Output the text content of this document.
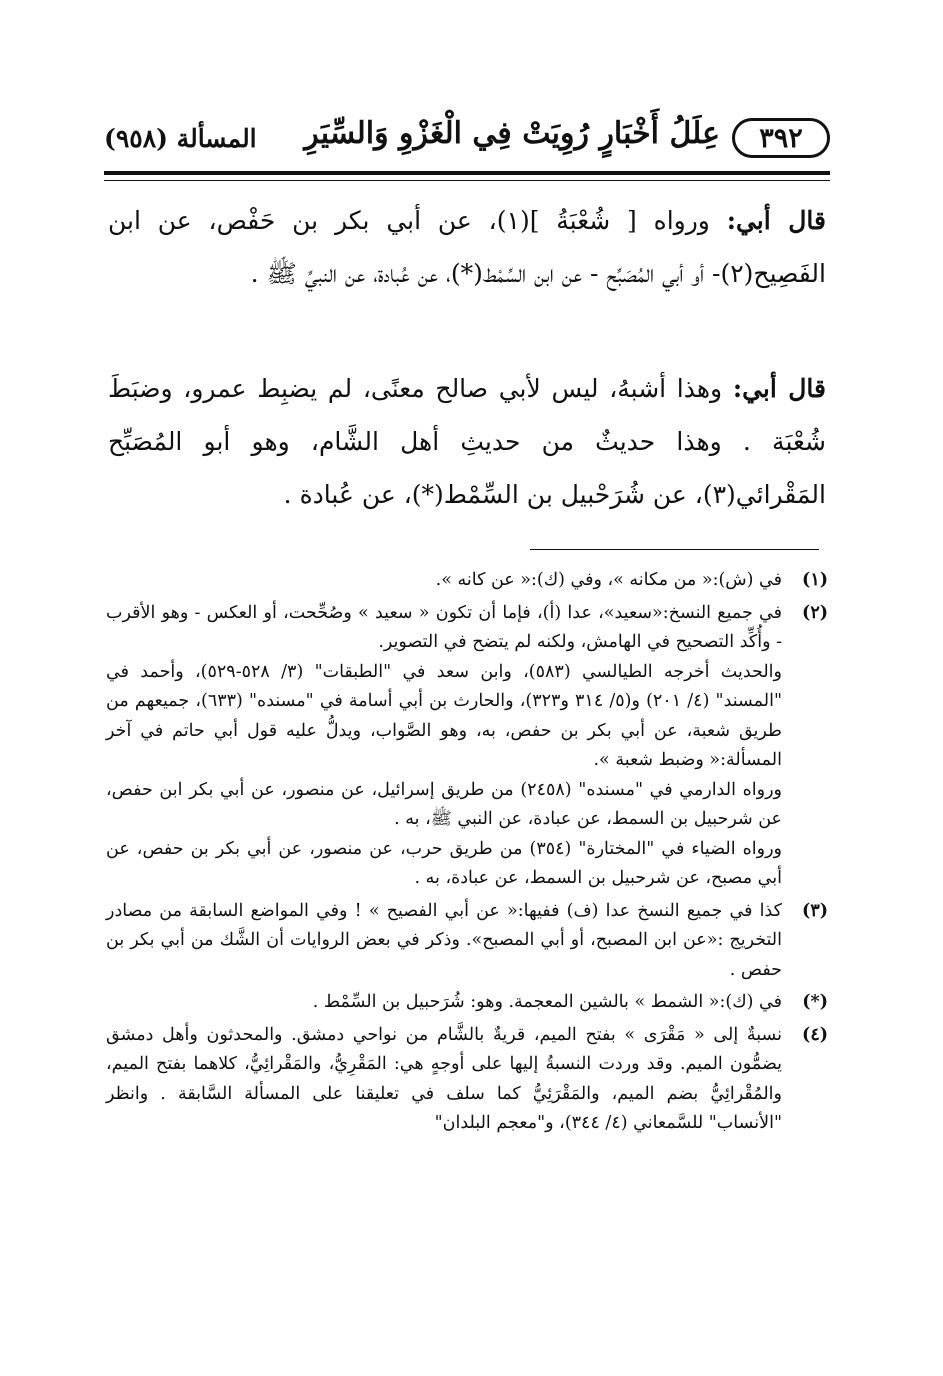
٣٩٢
عِلَلُ أَخْبَارٍ رُوِيَتْ فِي الْغَزْوِ وَالسِّيَرِ
المسألة (٩٥٨)
قال أبي: ورواه [ شُعْبَةُ ](١)، عن أبي بكر بن حَفْص، عن ابن الفَصِيح(٢)- أو أبي المُصَبِّح - عن ابن السِّمْط(*)، عن عُبادة، عن النبيِّ ﷺ .
قال أبي: وهذا أشبهُ، ليس لأبي صالح معنًى، لم يضبِط عمرو، وضبَطَ شُعْبَة . وهذا حديثٌ من حديثِ أهل الشَّام، وهو أبو المُصَبِّح المَقْرائي(٣)، عن شُرَحْبيل بن السِّمْط(*)، عن عُبادة .
(١)

في (ش):« من مكانه »، وفي (ك):« عن كانه ».

(٢)

في جميع النسخ:«سعيد»، عدا (أ)، فإما أن تكون « سعيد » وصُحِّحت، أو العكس - وهو الأقرب - وأُكِّد التصحيح في الهامش، ولكنه لم يتضح في التصوير.

والحديث أخرجه الطيالسي (٥٨٣)، وابن سعد في "الطبقات" (٣/ ٥٢٨-٥٢٩)، وأحمد في "المسند" (٤/ ٢٠١) و(٥/ ٣١٤ و٣٢٣)، والحارث بن أبي أسامة في "مسنده" (٦٣٣)، جميعهم من طريق شعبة، عن أبي بكر بن حفص، به، وهو الصَّواب، ويدلُّ عليه قول أبي حاتم في آخر المسألة:« وضبط شعبة ».

ورواه الدارمي في "مسنده" (٢٤٥٨) من طريق إسرائيل، عن منصور، عن أبي بكر ابن حفص، عن شرحبيل بن السمط، عن عبادة، عن النبي ﷺ، به .

ورواه الضياء في "المختارة" (٣٥٤) من طريق حرب، عن منصور، عن أبي بكر بن حفص، عن أبي مصبح، عن شرحبيل بن السمط، عن عبادة، به .

(٣)

كذا في جميع النسخ عدا (ف) ففيها:« عن أبي الفصيح » ! وفي المواضع السابقة من مصادر التخريج :«عن ابن المصبح، أو أبي المصبح». وذكر في بعض الروايات أن الشَّك من أبي بكر بن حفص .

(*)

في (ك):« الشمط » بالشين المعجمة. وهو: شُرَحبيل بن السِّمْط .

(٤)

نسبةٌ إلى « مَقْرَى » بفتح الميم، قريةٌ بالشَّام من نواحي دمشق. والمحدثون وأهل دمشق يضمُّون الميم. وقد وردت النسبةُ إليها على أوجهٍ هي: المَقْرِيُّ، والمَقْرائِيُّ، كلاهما بفتح الميم، والمُقْرائِيُّ بضم الميم، والمَقْرَئِيُّ كما سلف في تعليقنا على المسألة السَّابقة . وانظر "الأنساب" للسَّمعاني (٤/ ٣٤٤)، و"معجم البلدان"
